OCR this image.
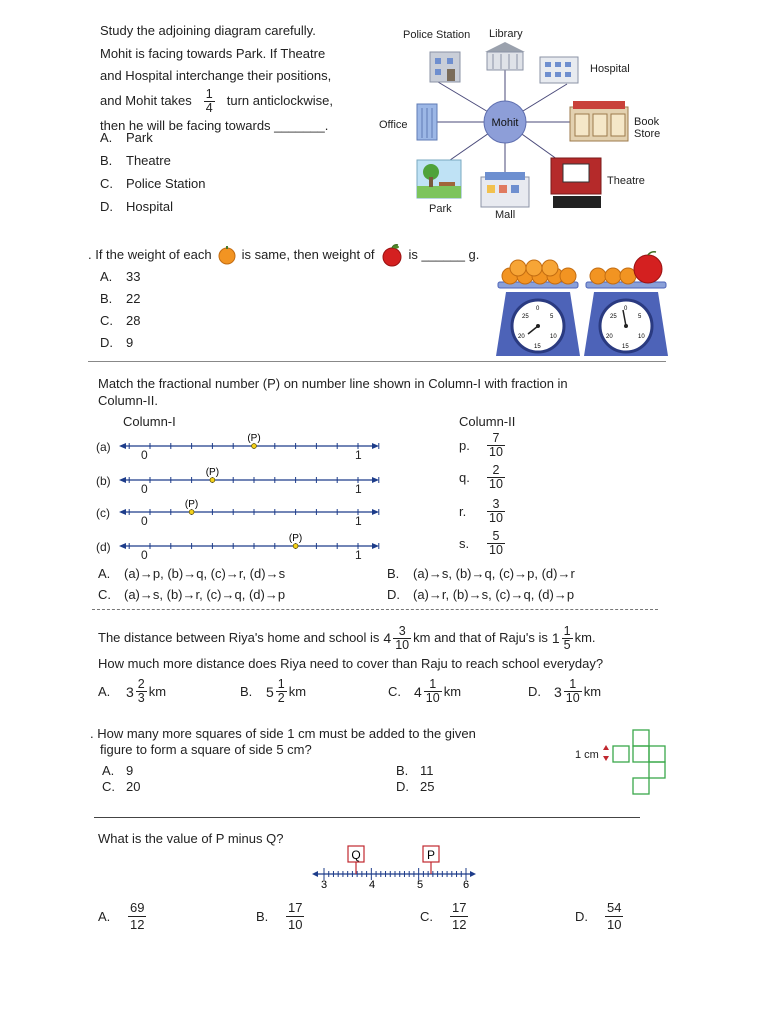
Study the adjoining diagram carefully.
Mohit is facing towards Park. If Theatre
and Hospital interchange their positions,
and Mohit takes $\frac{1}{4}$ turn anticlockwise,
then he will be facing towards _______.
A. Park
B. Theatre
C. Police Station
D. Hospital
Mohit
Police Station Library
Hospital
Office	Book
Store
Park	Mall
Theatre
. If the weight of each is same, then weight of	is ______ g.
A. 33
B. 22
C. 28
D. 9
25
0
5
20	10
15
25
0
5
20	10
15
Match the fractional number (P) on number line shown in Column-I with fraction in
Column-II.
Column-I	Column-II
(a)
(P)
0	1
(b)
(P)
0	1
(c)
(P)
0	1
(d)
(P)
0	1
p.	$\frac{7}{10}$
q.	$\frac{2}{10}$
r.	$\frac{3}{10}$
s.	$\frac{5}{10}$
A. (a)→p, (b)→q, (c)→r, (d)→s	B. (a)→s, (b)→q, (c)→p, (d)→r
C. (a)→s, (b)→r, (c)→q, (d)→p	D. (a)→r, (b)→s, (c)→q, (d)→p
The distance between Riya's home and school is $4 \frac{3}{10}$ km and that of Raju's is $1 \frac{1}{5}$ km.
How much more distance does Riya need to cover than Raju to reach school everyday?
A.	$3 \frac{2}{3}$ km	B. $5 \frac{1}{2}$ km	C. $4 \frac{1}{10}$ km	D. $3 \frac{1}{10}$ km
. How many more squares of side 1 cm must be added to the given
figure to form a square of side 5 cm?
A. 9
C. 20
B. 11
D. 25
1 cm
What is the value of P minus Q?
Q	P
3	4	5	6
A.	$\frac{69}{12}$	B.	$\frac{17}{10}$	C.	$\frac{17}{12}$	D.	$\frac{54}{10}$
